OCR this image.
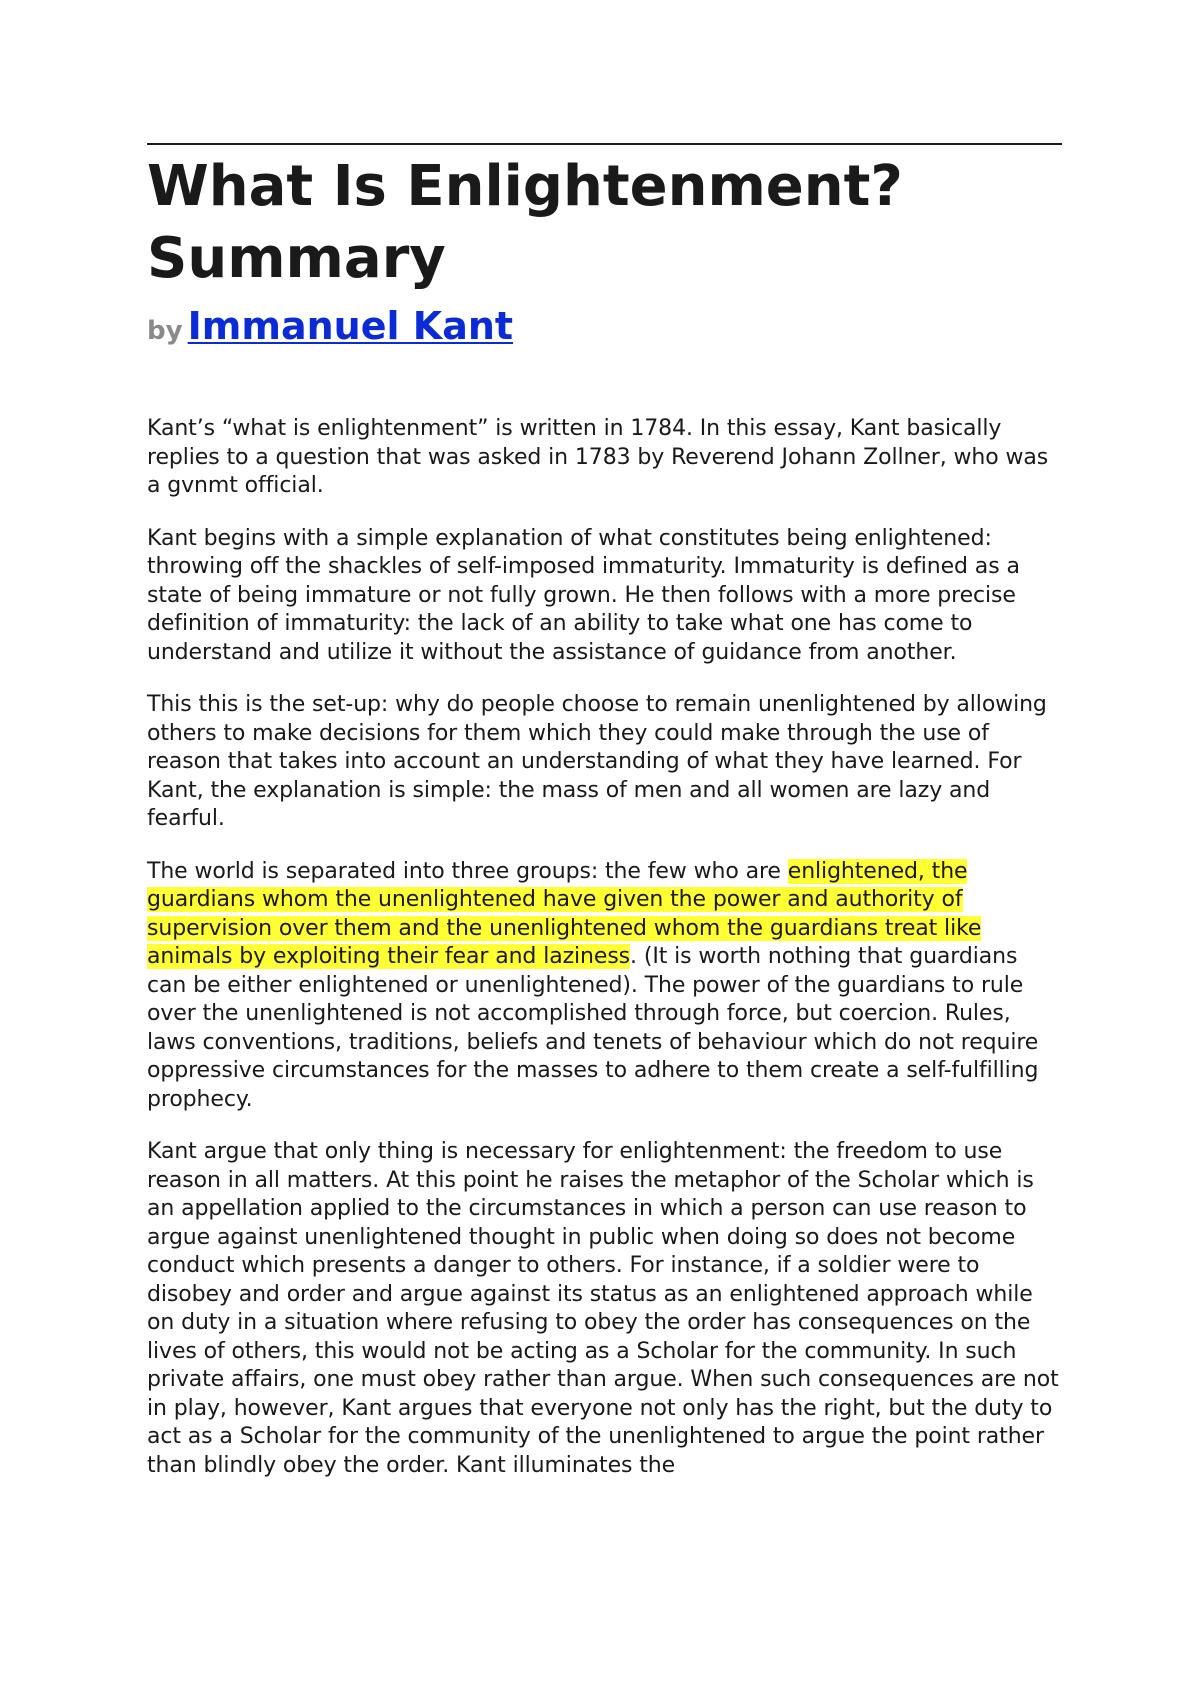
What Is Enlightenment? Summary
by Immanuel Kant

Kant’s “what is enlightenment” is written in 1784. In this essay, Kant basically replies to a question that was asked in 1783 by Reverend Johann Zollner, who was a gvnmt official.

Kant begins with a simple explanation of what constitutes being enlightened: throwing off the shackles of self-imposed immaturity. Immaturity is defined as a state of being immature or not fully grown. He then follows with a more precise definition of immaturity: the lack of an ability to take what one has come to understand and utilize it without the assistance of guidance from another.

This this is the set-up: why do people choose to remain unenlightened by allowing others to make decisions for them which they could make through the use of reason that takes into account an understanding of what they have learned. For Kant, the explanation is simple: the mass of men and all women are lazy and fearful.

The world is separated into three groups: the few who are enlightened, the guardians whom the unenlightened have given the power and authority of supervision over them and the unenlightened whom the guardians treat like animals by exploiting their fear and laziness. (It is worth nothing that guardians can be either enlightened or unenlightened). The power of the guardians to rule over the unenlightened is not accomplished through force, but coercion. Rules, laws conventions, traditions, beliefs and tenets of behaviour which do not require oppressive circumstances for the masses to adhere to them create a self-fulfilling prophecy.

Kant argue that only thing is necessary for enlightenment: the freedom to use reason in all matters. At this point he raises the metaphor of the Scholar which is an appellation applied to the circumstances in which a person can use reason to argue against unenlightened thought in public when doing so does not become conduct which presents a danger to others. For instance, if a soldier were to disobey and order and argue against its status as an enlightened approach while on duty in a situation where refusing to obey the order has consequences on the lives of others, this would not be acting as a Scholar for the community. In such private affairs, one must obey rather than argue. When such consequences are not in play, however, Kant argues that everyone not only has the right, but the duty to act as a Scholar for the community of the unenlightened to argue the point rather than blindly obey the order. Kant illuminates the
